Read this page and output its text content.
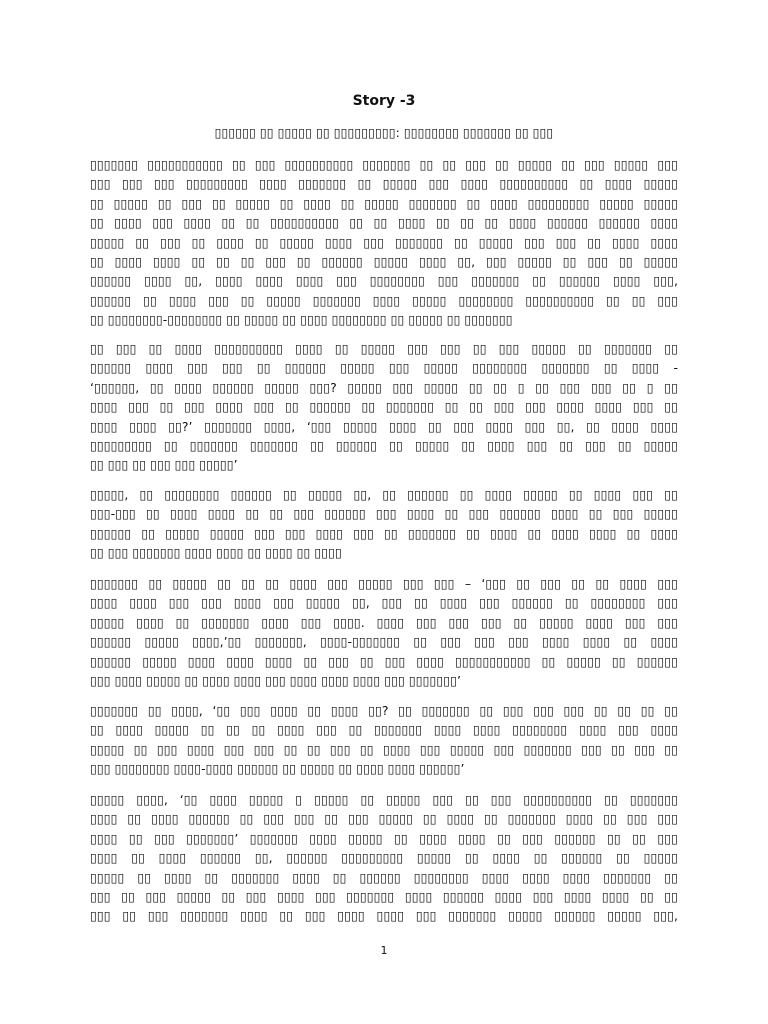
Story -3
▯▯▯▯▯▯ ▯▯ ▯▯▯▯▯ ▯▯ ▯▯▯▯▯▯▯▯▯: ▯▯▯▯▯▯▯▯ ▯▯▯▯▯▯▯ ▯▯ ▯▯▯
▯▯▯▯▯▯▯ ▯▯▯▯▯▯▯▯▯▯▯ ▯▯ ▯▯▯ ▯▯▯▯▯▯▯▯▯▯ ▯▯▯▯▯▯▯ ▯▯ ▯▯ ▯▯▯ ▯▯ ▯▯▯▯▯ ▯▯ ▯▯▯ ▯▯▯▯▯ ▯▯▯
▯▯▯ ▯▯▯ ▯▯▯ ▯▯▯▯▯▯▯▯▯ ▯▯▯▯ ▯▯▯▯▯▯▯ ▯▯ ▯▯▯▯▯ ▯▯▯ ▯▯▯▯ ▯▯▯▯▯▯▯▯▯▯ ▯▯ ▯▯▯▯ ▯▯▯▯▯
▯▯ ▯▯▯▯▯ ▯▯ ▯▯▯ ▯▯ ▯▯▯▯▯ ▯▯ ▯▯▯▯ ▯▯ ▯▯▯▯▯ ▯▯▯▯▯▯▯ ▯▯ ▯▯▯▯ ▯▯▯▯▯▯▯▯▯ ▯▯▯▯▯ ▯▯▯▯▯
▯▯ ▯▯▯▯ ▯▯▯ ▯▯▯▯ ▯▯ ▯▯ ▯▯▯▯▯▯▯▯▯▯ ▯▯ ▯▯ ▯▯▯▯ ▯▯ ▯▯ ▯▯ ▯▯▯▯ ▯▯▯▯▯▯ ▯▯▯▯▯▯ ▯▯▯▯
▯▯▯▯▯ ▯▯ ▯▯▯ ▯▯ ▯▯▯▯ ▯▯ ▯▯▯▯▯ ▯▯▯▯ ▯▯▯ ▯▯▯▯▯▯▯ ▯▯ ▯▯▯▯▯ ▯▯▯ ▯▯▯ ▯▯ ▯▯▯▯ ▯▯▯▯
▯▯ ▯▯▯▯ ▯▯▯▯ ▯▯ ▯▯ ▯▯ ▯▯▯ ▯▯ ▯▯▯▯▯▯ ▯▯▯▯▯ ▯▯▯▯ ▯▯, ▯▯▯ ▯▯▯▯▯ ▯▯ ▯▯▯ ▯▯ ▯▯▯▯▯
▯▯▯▯▯▯ ▯▯▯▯ ▯▯, ▯▯▯▯ ▯▯▯▯ ▯▯▯▯ ▯▯▯ ▯▯▯▯▯▯▯▯ ▯▯▯ ▯▯▯▯▯▯▯ ▯▯ ▯▯▯▯▯▯ ▯▯▯▯ ▯▯▯,
▯▯▯▯▯▯ ▯▯ ▯▯▯▯ ▯▯▯ ▯▯ ▯▯▯▯▯ ▯▯▯▯▯▯▯ ▯▯▯▯ ▯▯▯▯▯ ▯▯▯▯▯▯▯▯ ▯▯▯▯▯▯▯▯▯▯ ▯▯ ▯▯ ▯▯▯
▯▯ ▯▯▯▯▯▯▯▯-▯▯▯▯▯▯▯▯ ▯▯ ▯▯▯▯▯ ▯▯ ▯▯▯▯ ▯▯▯▯▯▯▯▯ ▯▯ ▯▯▯▯▯ ▯▯ ▯▯▯▯▯▯▯
▯▯ ▯▯▯ ▯▯ ▯▯▯▯ ▯▯▯▯▯▯▯▯▯▯ ▯▯▯▯ ▯▯ ▯▯▯▯▯ ▯▯▯ ▯▯▯ ▯▯ ▯▯▯ ▯▯▯▯▯ ▯▯ ▯▯▯▯▯▯▯ ▯▯
▯▯▯▯▯▯ ▯▯▯▯ ▯▯▯ ▯▯▯ ▯▯ ▯▯▯▯▯▯ ▯▯▯▯▯ ▯▯▯ ▯▯▯▯▯ ▯▯▯▯▯▯▯▯ ▯▯▯▯▯▯▯ ▯▯ ▯▯▯▯ -
‘▯▯▯▯▯▯, ▯▯ ▯▯▯▯ ▯▯▯▯▯▯ ▯▯▯▯▯ ▯▯▯? ▯▯▯▯▯ ▯▯▯ ▯▯▯▯▯ ▯▯ ▯▯ ▯ ▯▯ ▯▯▯ ▯▯▯ ▯▯ ▯ ▯▯
▯▯▯▯ ▯▯▯ ▯▯ ▯▯▯ ▯▯▯▯ ▯▯▯ ▯▯ ▯▯▯▯▯▯ ▯▯ ▯▯▯▯▯▯▯ ▯▯ ▯▯ ▯▯▯ ▯▯▯ ▯▯▯▯ ▯▯▯▯ ▯▯▯ ▯▯
▯▯▯▯ ▯▯▯▯ ▯▯?’ ▯▯▯▯▯▯▯ ▯▯▯▯, ‘▯▯▯ ▯▯▯▯▯ ▯▯▯▯ ▯▯ ▯▯▯ ▯▯▯▯ ▯▯▯ ▯▯, ▯▯ ▯▯▯▯ ▯▯▯▯
▯▯▯▯▯▯▯▯▯ ▯▯ ▯▯▯▯▯▯▯ ▯▯▯▯▯▯▯ ▯▯ ▯▯▯▯▯▯ ▯▯ ▯▯▯▯▯ ▯▯ ▯▯▯▯ ▯▯▯ ▯▯ ▯▯▯ ▯▯ ▯▯▯▯▯
▯▯ ▯▯▯ ▯▯ ▯▯▯ ▯▯▯ ▯▯▯▯▯’
▯▯▯▯▯, ▯▯ ▯▯▯▯▯▯▯▯ ▯▯▯▯▯▯ ▯▯ ▯▯▯▯▯ ▯▯, ▯▯ ▯▯▯▯▯▯ ▯▯ ▯▯▯▯ ▯▯▯▯▯ ▯▯ ▯▯▯▯ ▯▯▯ ▯▯
▯▯▯-▯▯▯ ▯▯ ▯▯▯▯ ▯▯▯▯ ▯▯ ▯▯ ▯▯▯ ▯▯▯▯▯▯ ▯▯▯ ▯▯▯▯ ▯▯ ▯▯▯ ▯▯▯▯▯▯ ▯▯▯▯ ▯▯ ▯▯▯ ▯▯▯▯▯
▯▯▯▯▯▯ ▯▯ ▯▯▯▯▯ ▯▯▯▯▯ ▯▯▯ ▯▯▯ ▯▯▯▯ ▯▯▯ ▯▯ ▯▯▯▯▯▯▯ ▯▯ ▯▯▯▯ ▯▯ ▯▯▯▯ ▯▯▯▯ ▯▯ ▯▯▯▯
▯▯ ▯▯▯ ▯▯▯▯▯▯▯ ▯▯▯▯ ▯▯▯▯ ▯▯ ▯▯▯▯ ▯▯ ▯▯▯▯
▯▯▯▯▯▯▯ ▯▯ ▯▯▯▯▯ ▯▯ ▯▯ ▯▯ ▯▯▯▯ ▯▯▯ ▯▯▯▯▯ ▯▯▯ ▯▯▯ – ‘▯▯▯ ▯▯ ▯▯▯ ▯▯ ▯▯ ▯▯▯▯ ▯▯▯
▯▯▯▯ ▯▯▯▯ ▯▯▯ ▯▯▯ ▯▯▯▯ ▯▯▯ ▯▯▯▯▯ ▯▯, ▯▯▯ ▯▯ ▯▯▯▯ ▯▯▯ ▯▯▯▯▯▯ ▯▯ ▯▯▯▯▯▯▯▯ ▯▯▯
▯▯▯▯▯ ▯▯▯▯ ▯▯ ▯▯▯▯▯▯▯ ▯▯▯▯ ▯▯▯ ▯▯▯▯. ▯▯▯▯ ▯▯▯ ▯▯▯ ▯▯▯ ▯▯ ▯▯▯▯▯ ▯▯▯▯ ▯▯▯ ▯▯▯
▯▯▯▯▯▯ ▯▯▯▯▯ ▯▯▯▯,’▯▯ ▯▯▯▯▯▯▯, ▯▯▯▯-▯▯▯▯▯▯▯ ▯▯ ▯▯▯ ▯▯▯ ▯▯▯ ▯▯▯▯ ▯▯▯▯ ▯▯ ▯▯▯▯
▯▯▯▯▯▯ ▯▯▯▯▯ ▯▯▯▯ ▯▯▯▯ ▯▯▯▯ ▯▯ ▯▯▯ ▯▯ ▯▯▯ ▯▯▯▯ ▯▯▯▯▯▯▯▯▯▯▯ ▯▯ ▯▯▯▯▯ ▯▯ ▯▯▯▯▯▯
▯▯▯ ▯▯▯▯ ▯▯▯▯▯ ▯▯ ▯▯▯▯ ▯▯▯▯ ▯▯▯ ▯▯▯▯ ▯▯▯▯ ▯▯▯▯ ▯▯▯ ▯▯▯▯▯▯▯’
▯▯▯▯▯▯▯ ▯▯ ▯▯▯▯, ‘▯▯ ▯▯▯ ▯▯▯▯ ▯▯ ▯▯▯▯ ▯▯? ▯▯ ▯▯▯▯▯▯▯ ▯▯ ▯▯▯ ▯▯▯ ▯▯▯ ▯▯ ▯▯ ▯▯ ▯▯
▯▯ ▯▯▯▯ ▯▯▯▯▯ ▯▯ ▯▯ ▯▯ ▯▯▯▯ ▯▯▯ ▯▯ ▯▯▯▯▯▯▯ ▯▯▯▯ ▯▯▯▯ ▯▯▯▯▯▯▯▯ ▯▯▯▯ ▯▯▯ ▯▯▯▯
▯▯▯▯▯ ▯▯ ▯▯▯ ▯▯▯▯ ▯▯▯ ▯▯▯ ▯▯ ▯▯ ▯▯▯ ▯▯ ▯▯▯▯ ▯▯▯ ▯▯▯▯▯ ▯▯▯ ▯▯▯▯▯▯▯ ▯▯▯ ▯▯ ▯▯▯ ▯▯
▯▯▯ ▯▯▯▯▯▯▯▯ ▯▯▯▯-▯▯▯▯ ▯▯▯▯▯▯ ▯▯ ▯▯▯▯▯ ▯▯ ▯▯▯▯ ▯▯▯▯ ▯▯▯▯▯▯’
▯▯▯▯▯ ▯▯▯▯, ‘▯▯ ▯▯▯▯ ▯▯▯▯▯ ▯ ▯▯▯▯▯ ▯▯ ▯▯▯▯▯ ▯▯▯ ▯▯ ▯▯▯ ▯▯▯▯▯▯▯▯▯▯ ▯▯ ▯▯▯▯▯▯▯
▯▯▯▯ ▯▯ ▯▯▯▯ ▯▯▯▯▯▯ ▯▯ ▯▯▯ ▯▯▯ ▯▯ ▯▯▯ ▯▯▯▯▯ ▯▯ ▯▯▯▯ ▯▯ ▯▯▯▯▯▯▯ ▯▯▯▯ ▯▯ ▯▯▯ ▯▯▯
▯▯▯▯ ▯▯ ▯▯▯ ▯▯▯▯▯▯▯’ ▯▯▯▯▯▯▯ ▯▯▯▯ ▯▯▯▯▯ ▯▯ ▯▯▯▯ ▯▯▯▯ ▯▯ ▯▯▯ ▯▯▯▯▯▯ ▯▯ ▯▯ ▯▯▯
▯▯▯▯ ▯▯ ▯▯▯▯ ▯▯▯▯▯▯ ▯▯, ▯▯▯▯▯▯ ▯▯▯▯▯▯▯▯▯ ▯▯▯▯▯ ▯▯ ▯▯▯▯ ▯▯ ▯▯▯▯▯▯ ▯▯ ▯▯▯▯▯
▯▯▯▯▯ ▯▯ ▯▯▯▯ ▯▯ ▯▯▯▯▯▯▯ ▯▯▯▯ ▯▯ ▯▯▯▯▯▯ ▯▯▯▯▯▯▯▯ ▯▯▯▯ ▯▯▯▯ ▯▯▯▯ ▯▯▯▯▯▯▯ ▯▯
▯▯▯ ▯▯ ▯▯▯ ▯▯▯▯▯ ▯▯ ▯▯▯ ▯▯▯▯ ▯▯▯ ▯▯▯▯▯▯▯ ▯▯▯▯ ▯▯▯▯▯▯ ▯▯▯▯ ▯▯▯ ▯▯▯▯ ▯▯▯▯ ▯▯ ▯▯
▯▯▯ ▯▯ ▯▯▯ ▯▯▯▯▯▯▯ ▯▯▯▯ ▯▯ ▯▯▯ ▯▯▯▯ ▯▯▯▯ ▯▯▯ ▯▯▯▯▯▯▯ ▯▯▯▯▯ ▯▯▯▯▯▯ ▯▯▯▯▯ ▯▯▯,
1
